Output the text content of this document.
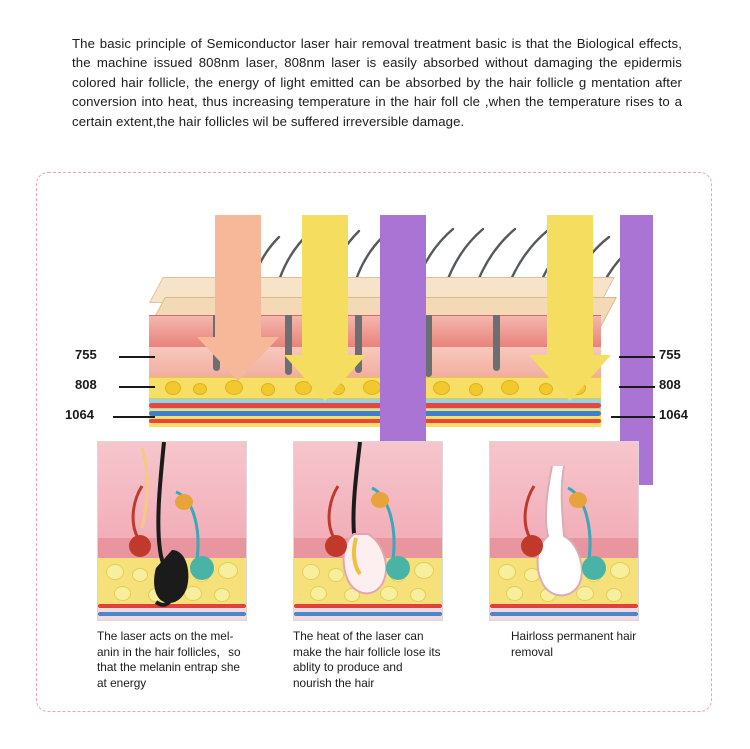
The basic principle of Semiconductor laser hair removal treatment basic is that the Biological effects, the machine issued 808nm laser, 808nm laser is easily absorbed without damaging the epidermis colored hair follicle, the energy of light emitted can be absorbed by the hair follicle g mentation after conversion into heat, thus increasing temperature in the hair foll cle ,when the temperature rises to a certain extent,the hair follicles wil be suffered irreversible damage.
755
808
1064
755
808
1064
The laser acts on the mel-anin in the hair follicles，so that the melanin entrap she at energy
The heat of the laser can make the hair follicle lose its ablity to produce and nourish the hair
Hairloss permanent hair removal
